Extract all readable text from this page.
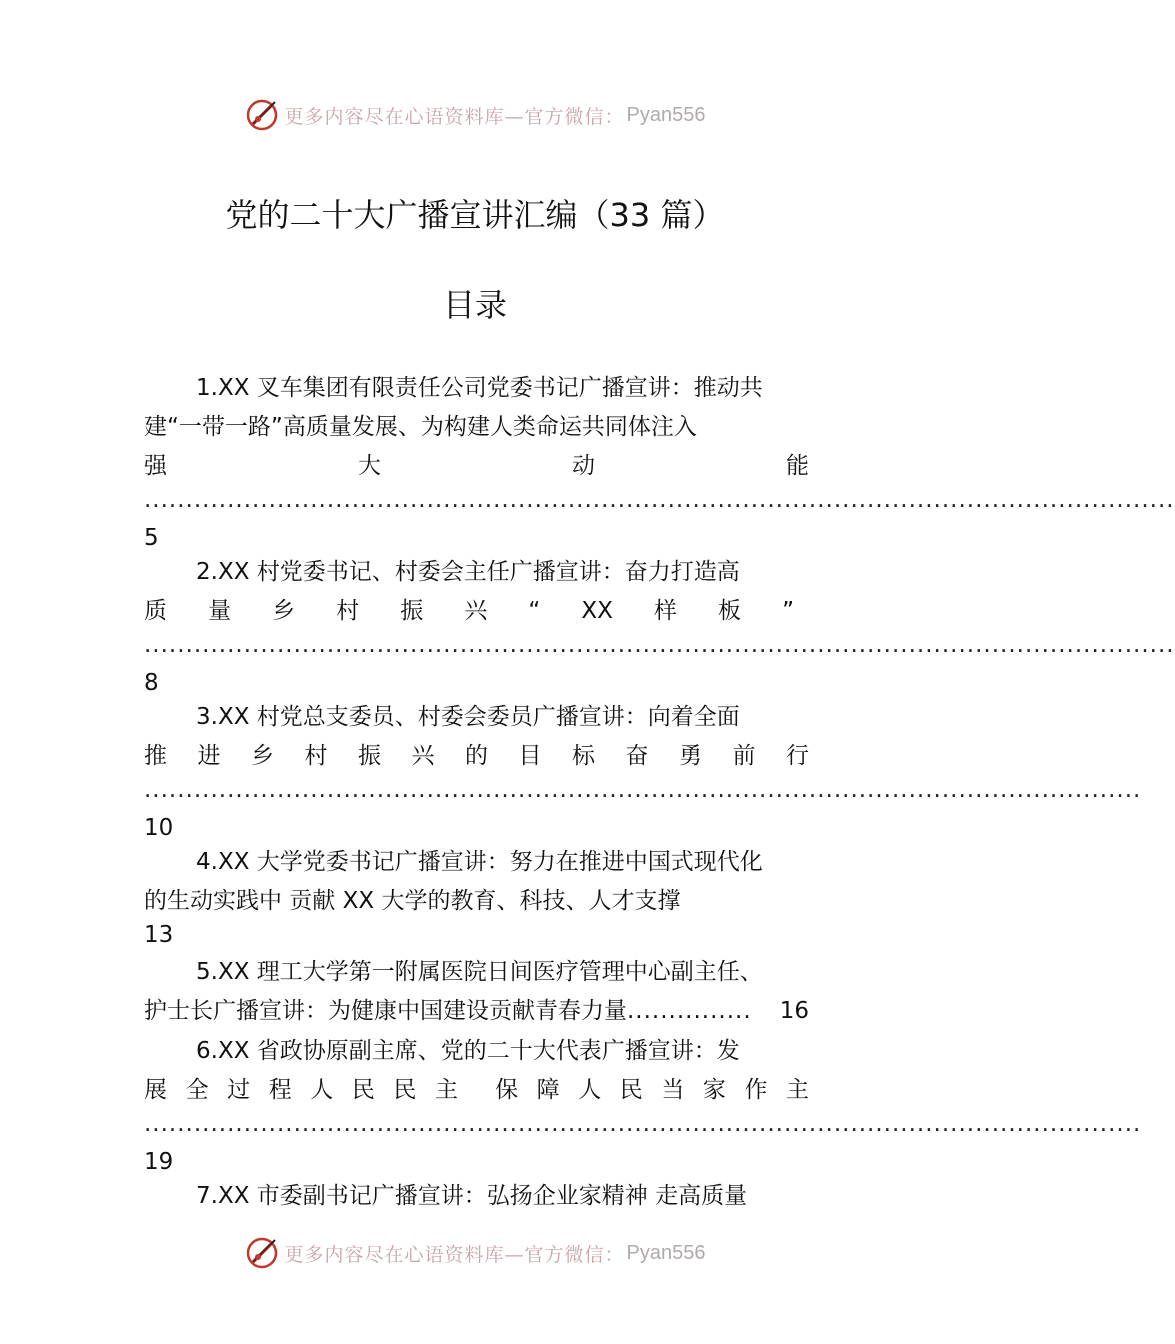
更多内容尽在心语资料库—官方微信： Pyan556
党的二十大广播宣讲汇编（33 篇）
目录
1.XX 叉车集团有限责任公司党委书记广播宣讲：推动共
建“一带一路”高质量发展、为构建人类命运共同体注入
强	大	动	能
............................................................................................................................
5
2.XX 村党委书记、村委会主任广播宣讲：奋力打造高
质 量 乡 村 振 兴 “ XX 样 板 ”
............................................................................................................................
8
3.XX 村党总支委员、村委会委员广播宣讲：向着全面
推 进 乡 村 振 兴 的 目 标 奋 勇 前 行
........................................................................................................................
10
4.XX 大学党委书记广播宣讲：努力在推进中国式现代化
的生动实践中 贡献 XX 大学的教育、科技、人才支撑
13
5.XX 理工大学第一附属医院日间医疗管理中心副主任、
护士长广播宣讲：为健康中国建设贡献青春力量 ...............	16
6.XX 省政协原副主席、党的二十大代表广播宣讲：发
展 全 过 程 人 民 民 主 保 障 人 民 当 家 作 主
........................................................................................................................
19
7.XX 市委副书记广播宣讲：弘扬企业家精神 走高质量
更多内容尽在心语资料库—官方微信： Pyan556
